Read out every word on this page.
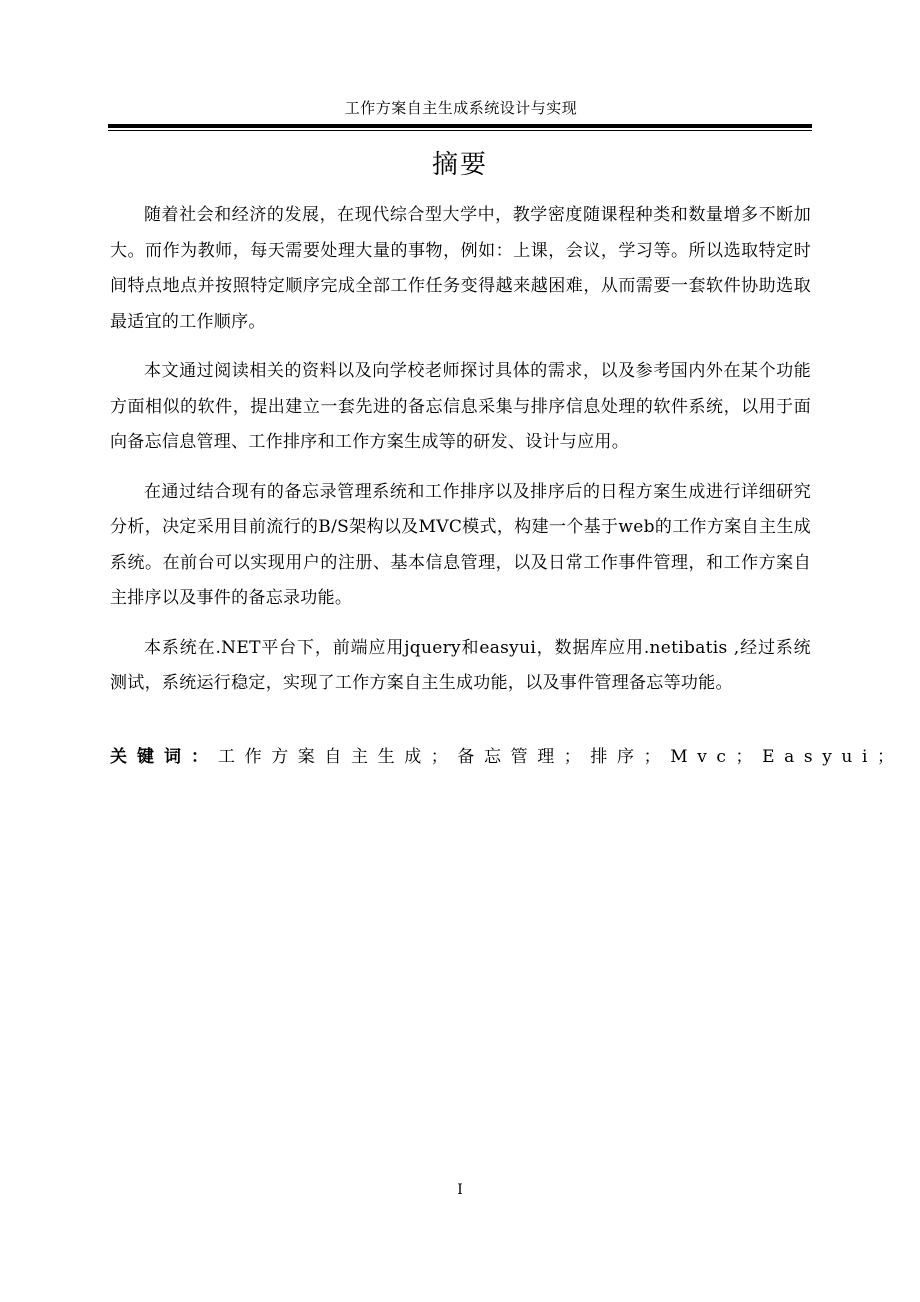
工作方案自主生成系统设计与实现
摘要

随着社会和经济的发展，在现代综合型大学中，教学密度随课程种类和数量增多不断加大。而作为教师，每天需要处理大量的事物，例如：上课，会议，学习等。所以选取特定时间特点地点并按照特定顺序完成全部工作任务变得越来越困难，从而需要一套软件协助选取最适宜的工作顺序。

本文通过阅读相关的资料以及向学校老师探讨具体的需求，以及参考国内外在某个功能方面相似的软件，提出建立一套先进的备忘信息采集与排序信息处理的软件系统，以用于面向备忘信息管理、工作排序和工作方案生成等的研发、设计与应用。

在通过结合现有的备忘录管理系统和工作排序以及排序后的日程方案生成进行详细研究分析，决定采用目前流行的B/S架构以及MVC模式，构建一个基于web的工作方案自主生成系统。在前台可以实现用户的注册、基本信息管理，以及日常工作事件管理，和工作方案自主排序以及事件的备忘录功能。

本系统在.NET平台下，前端应用jquery和easyui，数据库应用.netibatis ,经过系统测试，系统运行稳定，实现了工作方案自主生成功能，以及事件管理备忘等功能。

关键词：工作方案自主生成；备忘管理；排序；Mvc；Easyui；
I
